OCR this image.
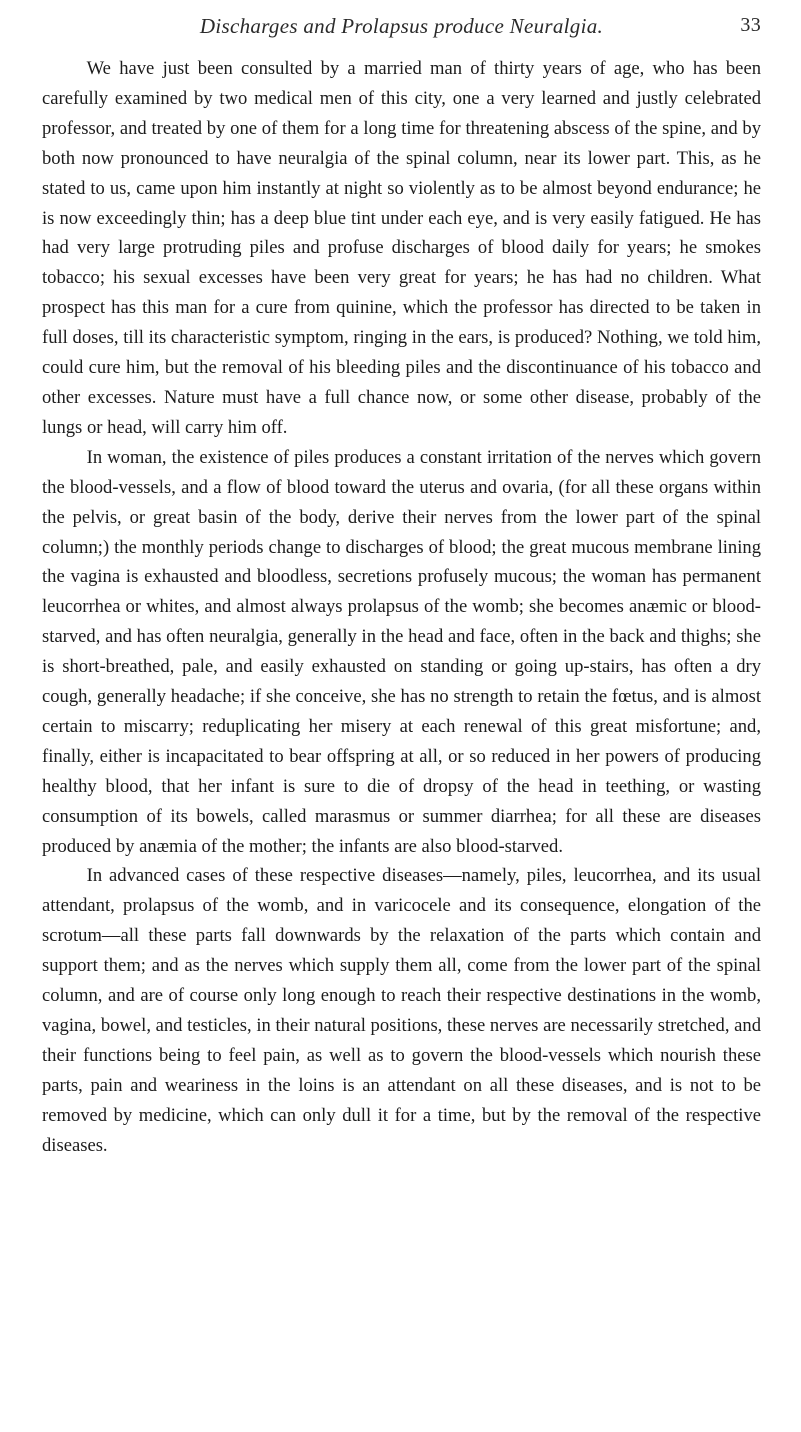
Discharges and Prolapsus produce Neuralgia.	33

We have just been consulted by a married man of thirty years of age, who has been carefully examined by two medical men of this city, one a very learned and justly celebrated professor, and treated by one of them for a long time for threatening abscess of the spine, and by both now pronounced to have neuralgia of the spinal column, near its lower part. This, as he stated to us, came upon him instantly at night so violently as to be almost beyond endurance; he is now exceedingly thin; has a deep blue tint under each eye, and is very easily fatigued. He has had very large protruding piles and profuse discharges of blood daily for years; he smokes tobacco; his sexual excesses have been very great for years; he has had no children. What prospect has this man for a cure from quinine, which the professor has directed to be taken in full doses, till its characteristic symptom, ringing in the ears, is produced? Nothing, we told him, could cure him, but the removal of his bleeding piles and the discontinuance of his tobacco and other excesses. Nature must have a full chance now, or some other disease, probably of the lungs or head, will carry him off.

In woman, the existence of piles produces a constant irritation of the nerves which govern the blood-vessels, and a flow of blood toward the uterus and ovaria, (for all these organs within the pelvis, or great basin of the body, derive their nerves from the lower part of the spinal column;) the monthly periods change to discharges of blood; the great mucous membrane lining the vagina is exhausted and bloodless, secretions profusely mucous; the woman has permanent leucorrhea or whites, and almost always prolapsus of the womb; she becomes anæmic or blood-starved, and has often neuralgia, generally in the head and face, often in the back and thighs; she is short-breathed, pale, and easily exhausted on standing or going up-stairs, has often a dry cough, generally headache; if she conceive, she has no strength to retain the fœtus, and is almost certain to miscarry; reduplicating her misery at each renewal of this great misfortune; and, finally, either is incapacitated to bear offspring at all, or so reduced in her powers of producing healthy blood, that her infant is sure to die of dropsy of the head in teething, or wasting consumption of its bowels, called marasmus or summer diarrhea; for all these are diseases produced by anæmia of the mother; the infants are also blood-starved.

In advanced cases of these respective diseases—namely, piles, leucorrhea, and its usual attendant, prolapsus of the womb, and in varicocele and its consequence, elongation of the scrotum—all these parts fall downwards by the relaxation of the parts which contain and support them; and as the nerves which supply them all, come from the lower part of the spinal column, and are of course only long enough to reach their respective destinations in the womb, vagina, bowel, and testicles, in their natural positions, these nerves are necessarily stretched, and their functions being to feel pain, as well as to govern the blood-vessels which nourish these parts, pain and weariness in the loins is an attendant on all these diseases, and is not to be removed by medicine, which can only dull it for a time, but by the removal of the respective diseases.
